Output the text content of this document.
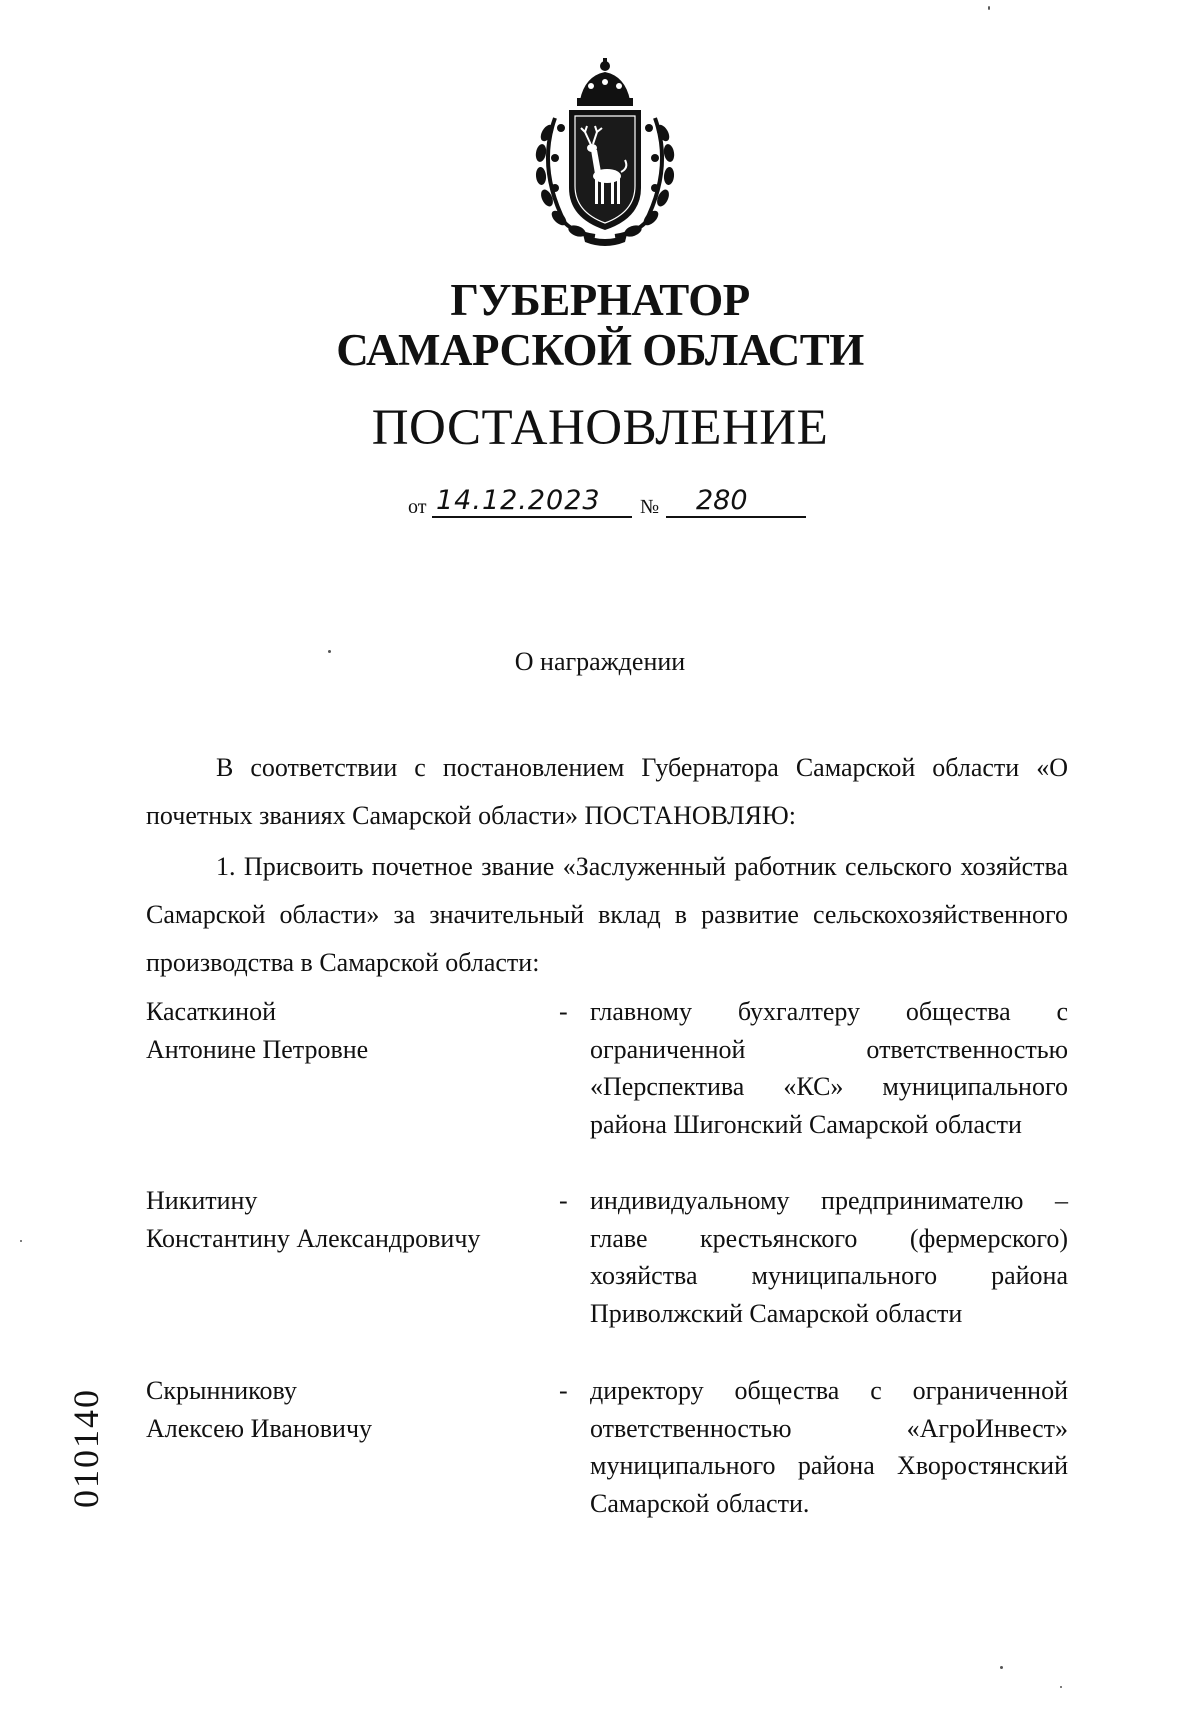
ГУБЕРНАТОР
САМАРСКОЙ ОБЛАСТИ
ПОСТАНОВЛЕНИЕ
от 14.12.2023	№	280
О награждении
В соответствии с постановлением Губернатора Самарской области «О почетных званиях Самарской области» ПОСТАНОВЛЯЮ:
1. Присвоить почетное звание «Заслуженный работник сельского хозяйства Самарской области» за значительный вклад в развитие сельскохозяйственного производства в Самарской области:
Касаткиной
Антонине Петровне
- главному бухгалтеру общества с ограниченной ответственностью «Перспектива «КС» муниципального района Шигонский Самарской области
Никитину
Константину Александровичу
- индивидуальному предпринимателю – главе крестьянского (фермерского) хозяйства муниципального района Приволжский Самарской области
Скрынникову
Алексею Ивановичу
- директору общества с ограниченной ответственностью «АгроИнвест» муниципального района Хворостянский Самарской области.
010140
